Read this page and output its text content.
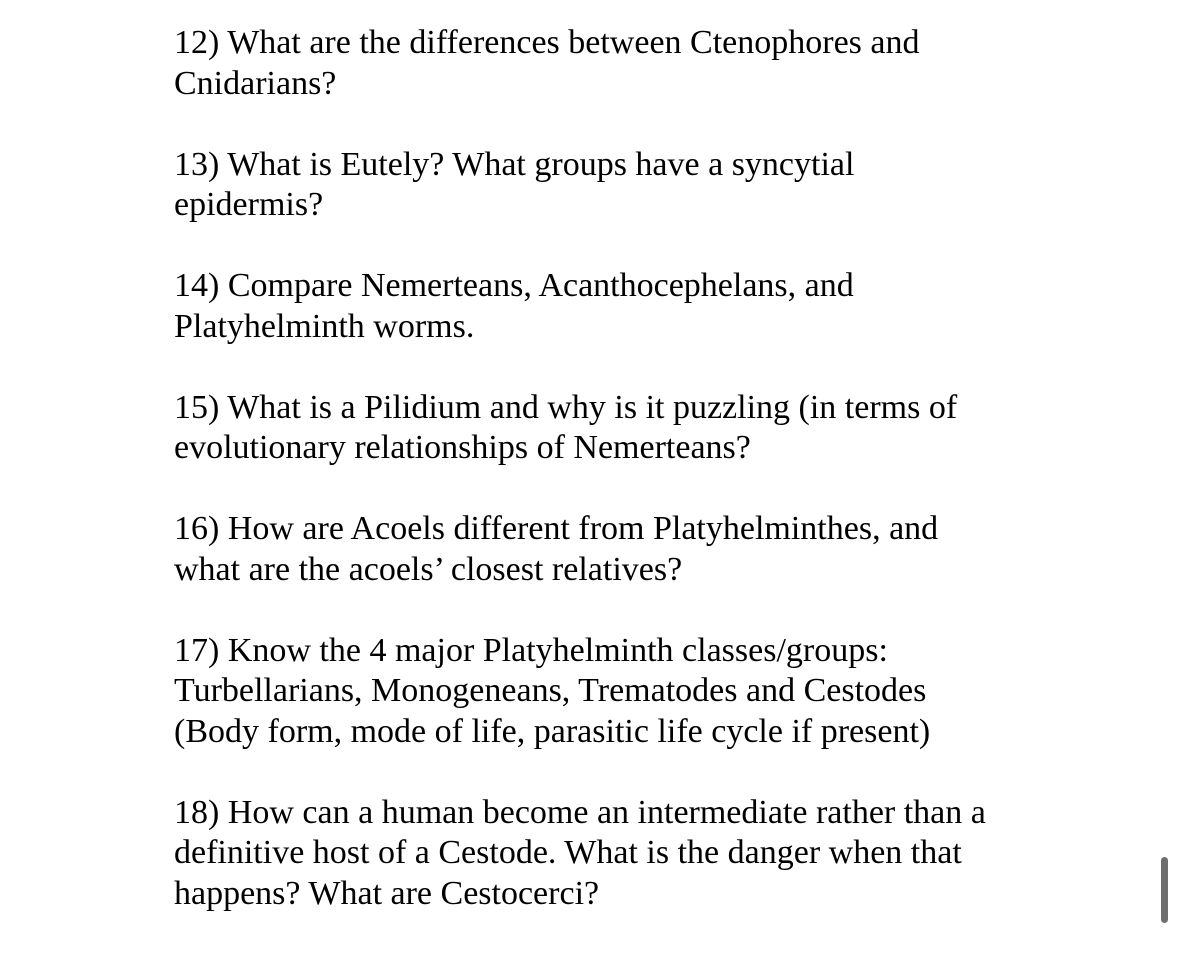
12) What are the differences between Ctenophores and
Cnidarians?
13) What is Eutely? What groups have a syncytial
epidermis?
14) Compare Nemerteans, Acanthocephelans, and
Platyhelminth worms.
15) What is a Pilidium and why is it puzzling (in terms of
evolutionary relationships of Nemerteans?
16) How are Acoels different from Platyhelminthes, and
what are the acoels’ closest relatives?
17) Know the 4 major Platyhelminth classes/groups:
Turbellarians, Monogeneans, Trematodes and Cestodes
(Body form, mode of life, parasitic life cycle if present)
18) How can a human become an intermediate rather than a
definitive host of a Cestode. What is the danger when that
happens? What are Cestocerci?
